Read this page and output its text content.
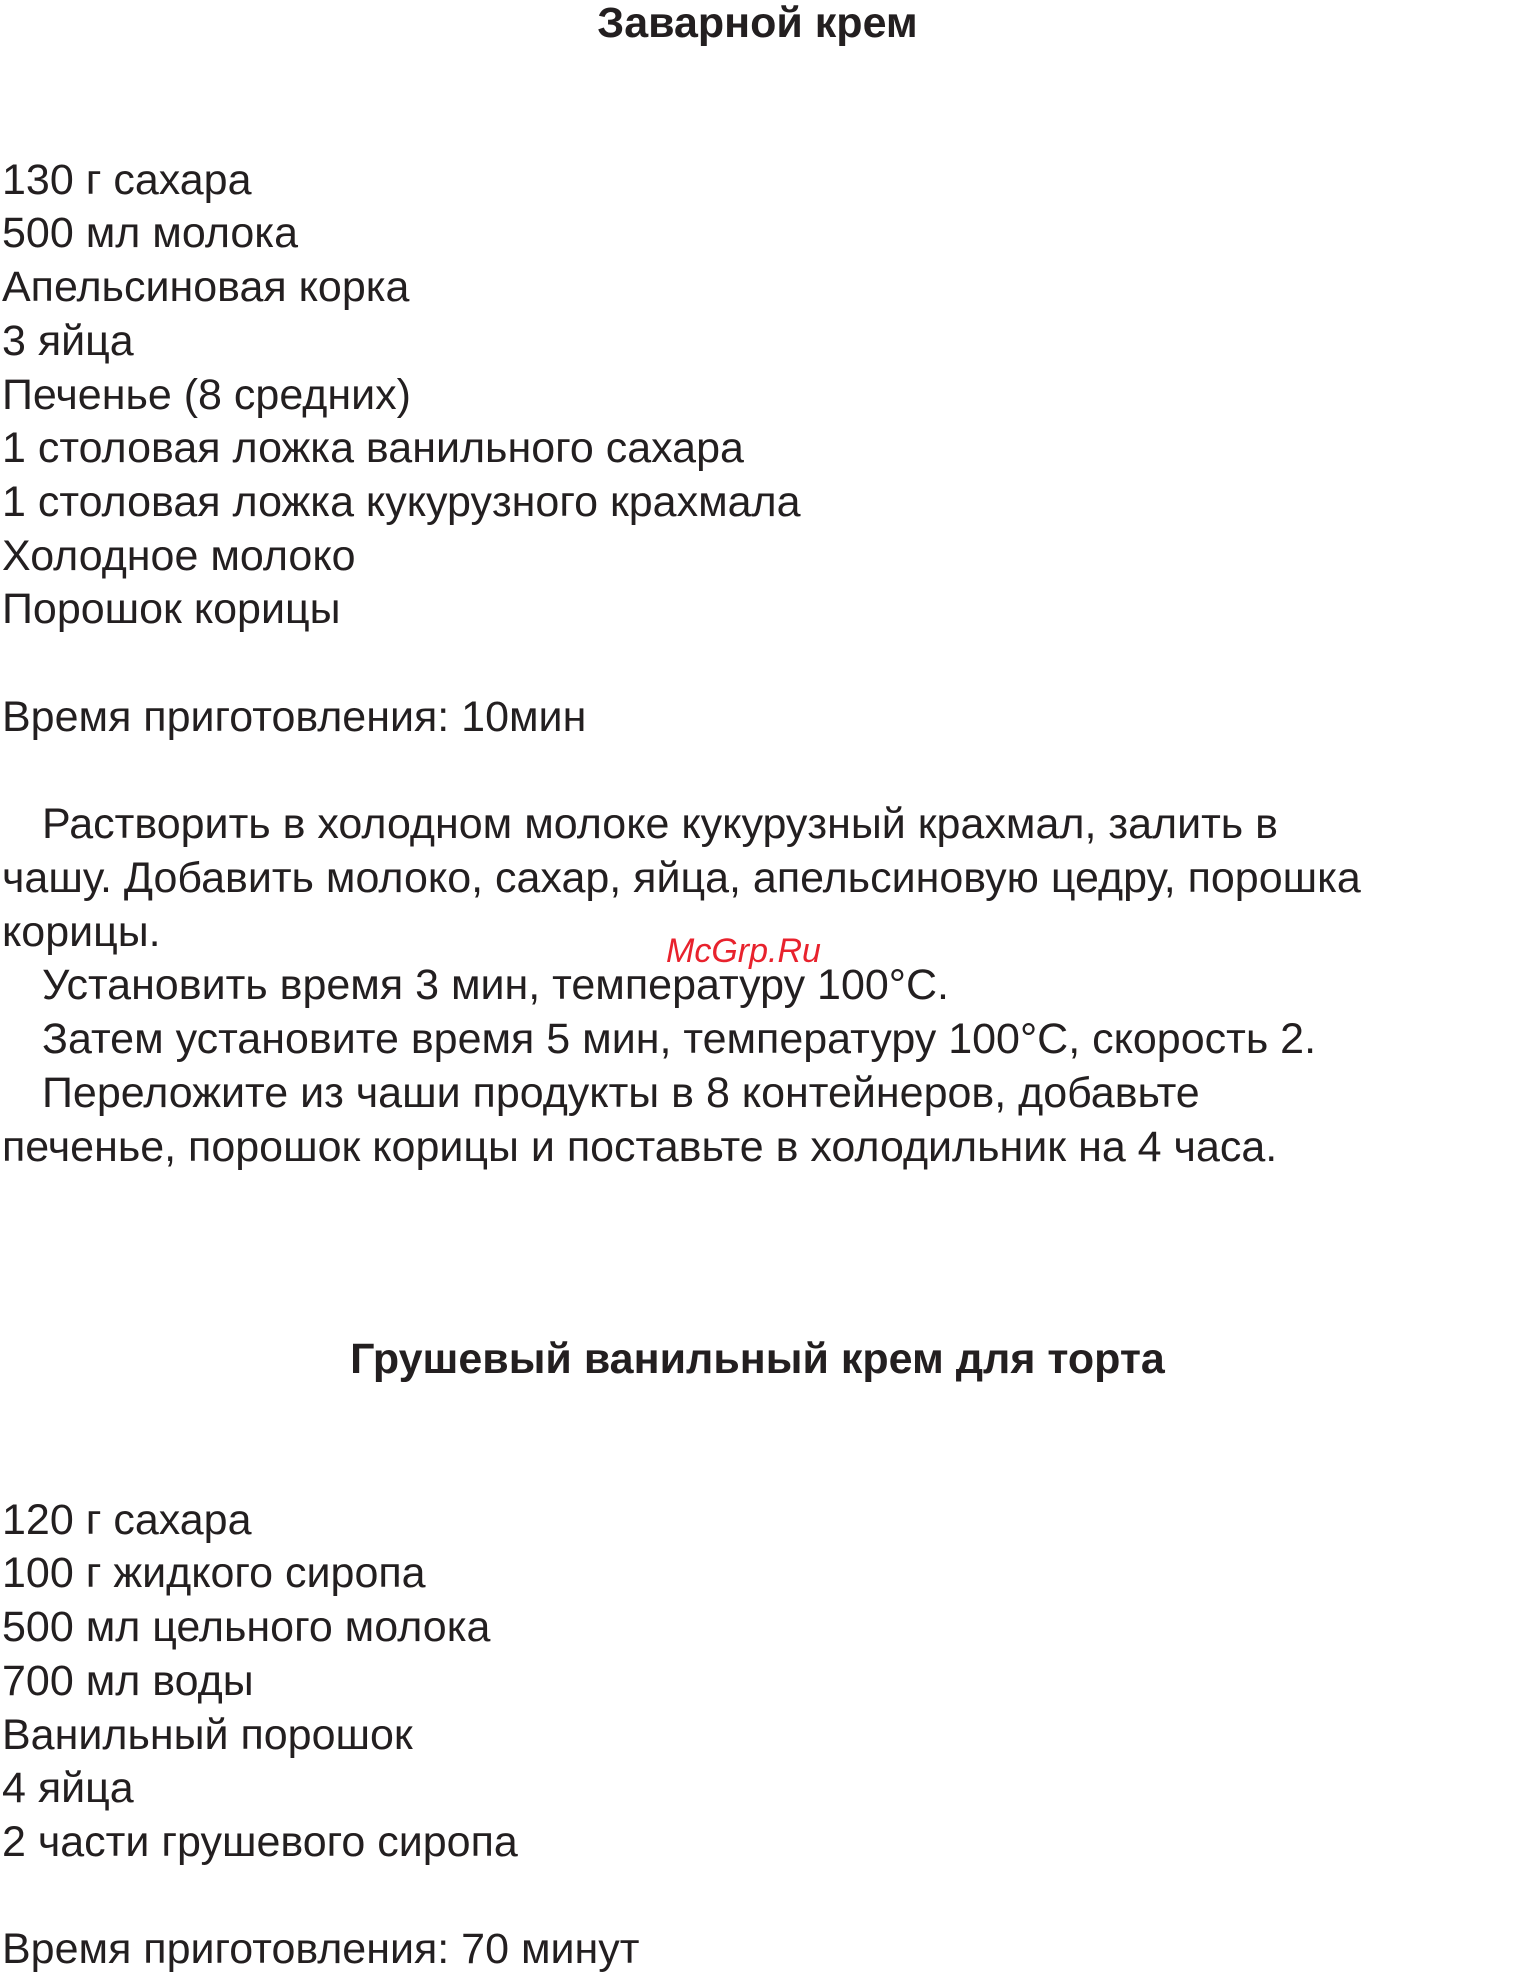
Заварной крем

130 г сахара

500 мл молока

Апельсиновая корка

3 яйца

Печенье (8 средних)

1 столовая ложка ванильного сахара

1 столовая ложка кукурузного крахмала

Холодное молоко

Порошок корицы

Время приготовления: 10мин

Растворить в холодном молоке кукурузный крахмал, залить в

чашу. Добавить молоко, сахар, яйца, апельсиновую цедру, порошка

корицы.

Установить время 3 мин, температуру 100°С.

Затем установите время 5 мин, температуру 100°С, скорость 2.

Переложите из чаши продукты в 8 контейнеров, добавьте

печенье, порошок корицы и поставьте в холодильник на 4 часа.

McGrp.Ru
Грушевый ванильный крем для торта

120 г сахара

100 г жидкого сиропа

500 мл цельного молока

700 мл воды

Ванильный порошок

4 яйца

2 части грушевого сиропа

Время приготовления: 70 минут
